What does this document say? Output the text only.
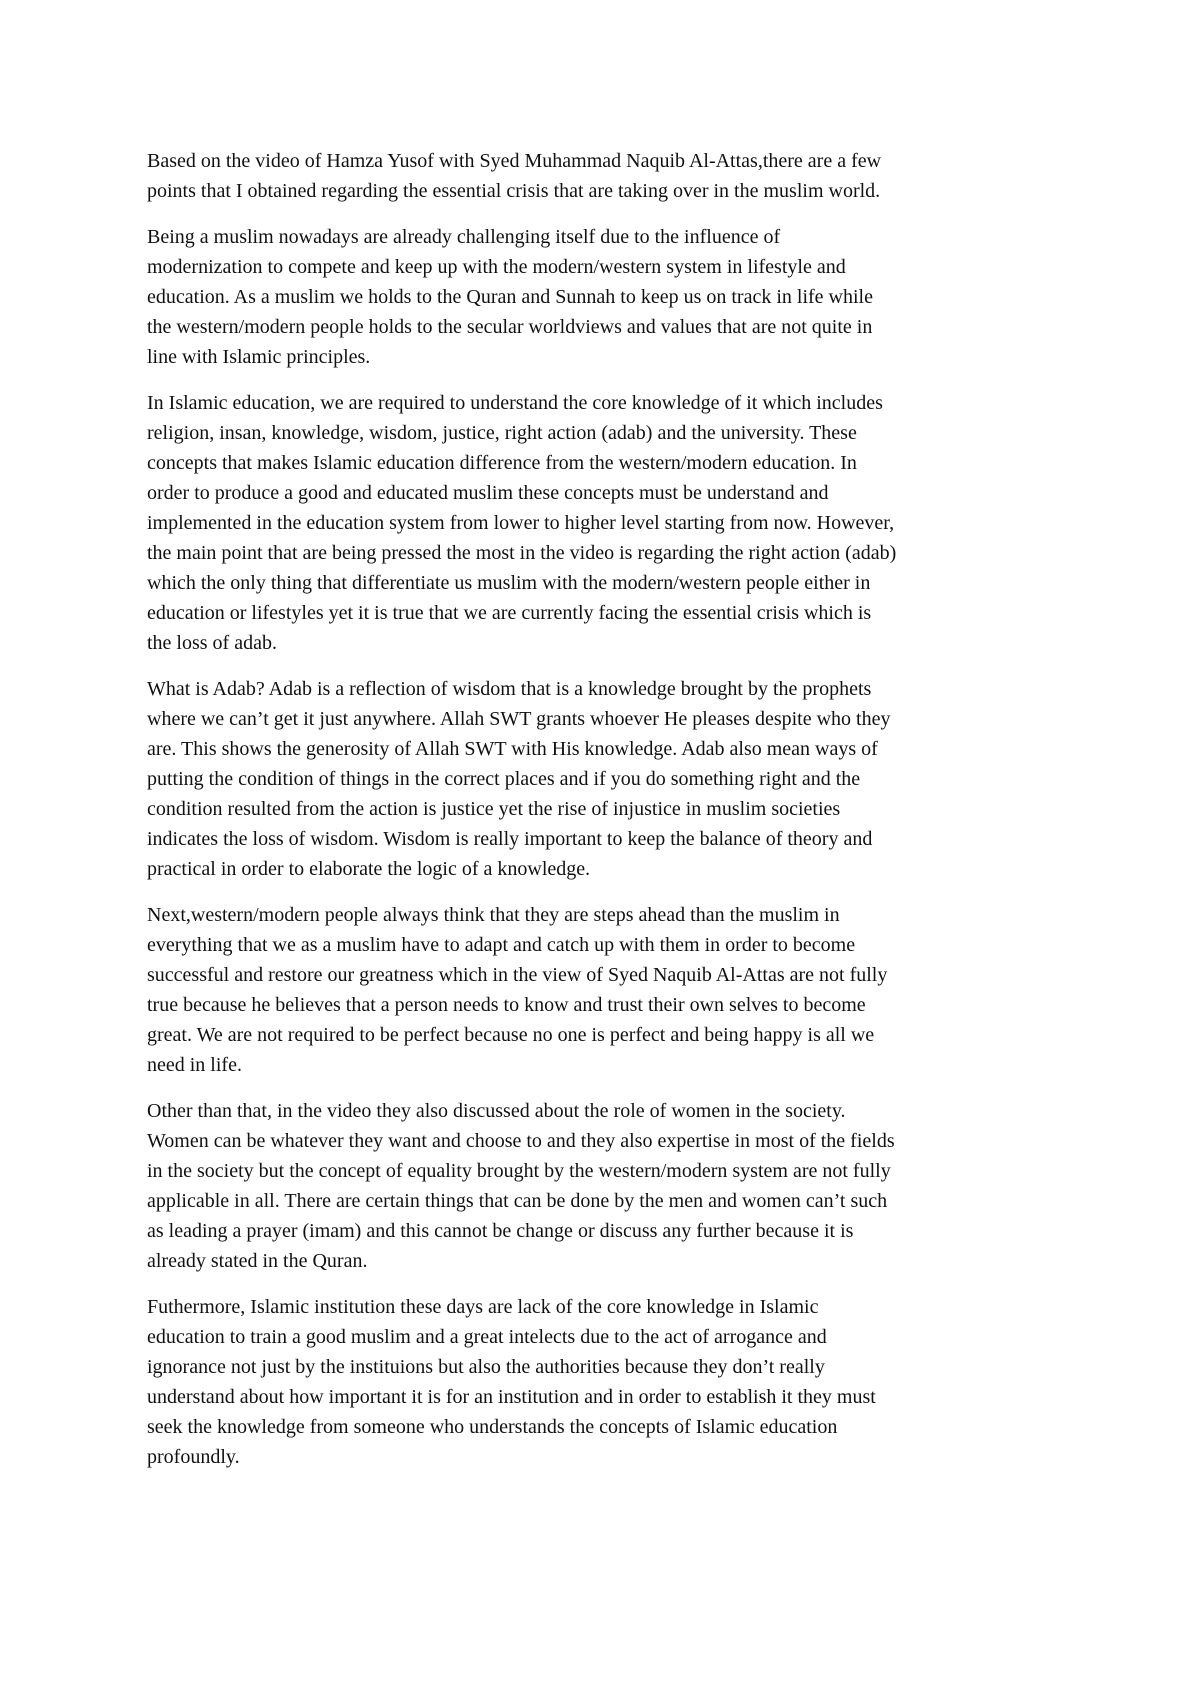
Based on the video of Hamza Yusof with Syed Muhammad Naquib Al-Attas,there are a few
points that I obtained regarding the essential crisis that are taking over in the muslim world.

Being a muslim nowadays are already challenging itself due to the influence of
modernization to compete and keep up with the modern/western system in lifestyle and
education. As a muslim we holds to the Quran and Sunnah to keep us on track in life while
the western/modern people holds to the secular worldviews and values that are not quite in
line with Islamic principles.

In Islamic education, we are required to understand the core knowledge of it which includes
religion, insan, knowledge, wisdom, justice, right action (adab) and the university. These
concepts that makes Islamic education difference from the western/modern education. In
order to produce a good and educated muslim these concepts must be understand and
implemented in the education system from lower to higher level starting from now. However,
the main point that are being pressed the most in the video is regarding the right action (adab)
which the only thing that differentiate us muslim with the modern/western people either in
education or lifestyles yet it is true that we are currently facing the essential crisis which is
the loss of adab.

What is Adab? Adab is a reflection of wisdom that is a knowledge brought by the prophets
where we can’t get it just anywhere. Allah SWT grants whoever He pleases despite who they
are. This shows the generosity of Allah SWT with His knowledge. Adab also mean ways of
putting the condition of things in the correct places and if you do something right and the
condition resulted from the action is justice yet the rise of injustice in muslim societies
indicates the loss of wisdom. Wisdom is really important to keep the balance of theory and
practical in order to elaborate the logic of a knowledge.

Next,western/modern people always think that they are steps ahead than the muslim in
everything that we as a muslim have to adapt and catch up with them in order to become
successful and restore our greatness which in the view of Syed Naquib Al-Attas are not fully
true because he believes that a person needs to know and trust their own selves to become
great. We are not required to be perfect because no one is perfect and being happy is all we
need in life.

Other than that, in the video they also discussed about the role of women in the society.
Women can be whatever they want and choose to and they also expertise in most of the fields
in the society but the concept of equality brought by the western/modern system are not fully
applicable in all. There are certain things that can be done by the men and women can’t such
as leading a prayer (imam) and this cannot be change or discuss any further because it is
already stated in the Quran.

Futhermore, Islamic institution these days are lack of the core knowledge in Islamic
education to train a good muslim and a great intelects due to the act of arrogance and
ignorance not just by the instituions but also the authorities because they don’t really
understand about how important it is for an institution and in order to establish it they must
seek the knowledge from someone who understands the concepts of Islamic education
profoundly.
